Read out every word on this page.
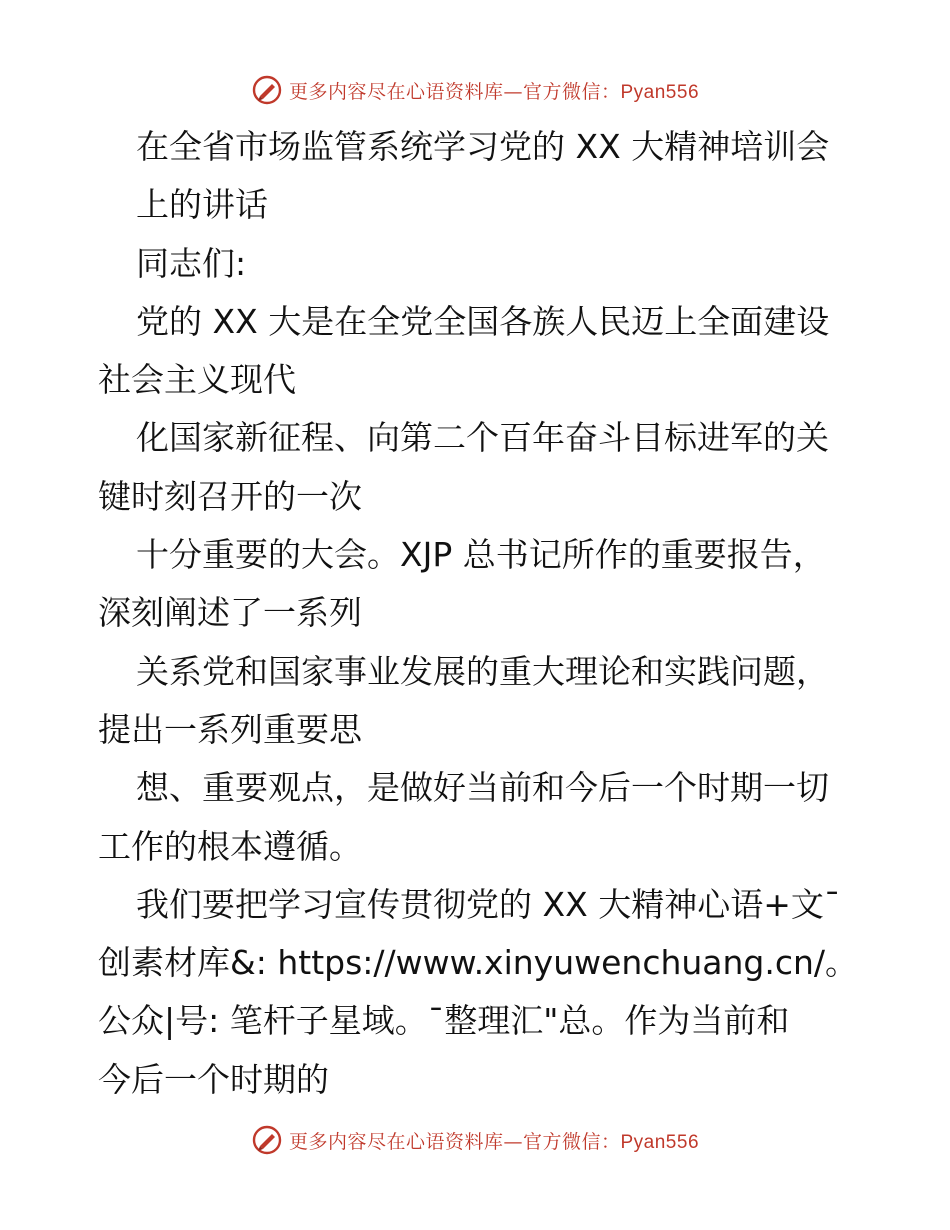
更多内容尽在心语资料库—官方微信：Pyan556
在全省市场监管系统学习党的 XX 大精神培训会
上的讲话
同志们:
党的 XX 大是在全党全国各族人民迈上全面建设
社会主义现代
化国家新征程、向第二个百年奋斗目标进军的关
键时刻召开的一次
十分重要的大会。XJP 总书记所作的重要报告，
深刻阐述了一系列
关系党和国家事业发展的重大理论和实践问题，
提出一系列重要思
想、重要观点，是做好当前和今后一个时期一切
工作的根本遵循。
我们要把学习宣传贯彻党的 XX 大精神心语+文¯
创素材库&: https://www.xinyuwenchuang.cn/。
公众|号: 笔杆子星域。¯整理汇"总。作为当前和
今后一个时期的
更多内容尽在心语资料库—官方微信：Pyan556
